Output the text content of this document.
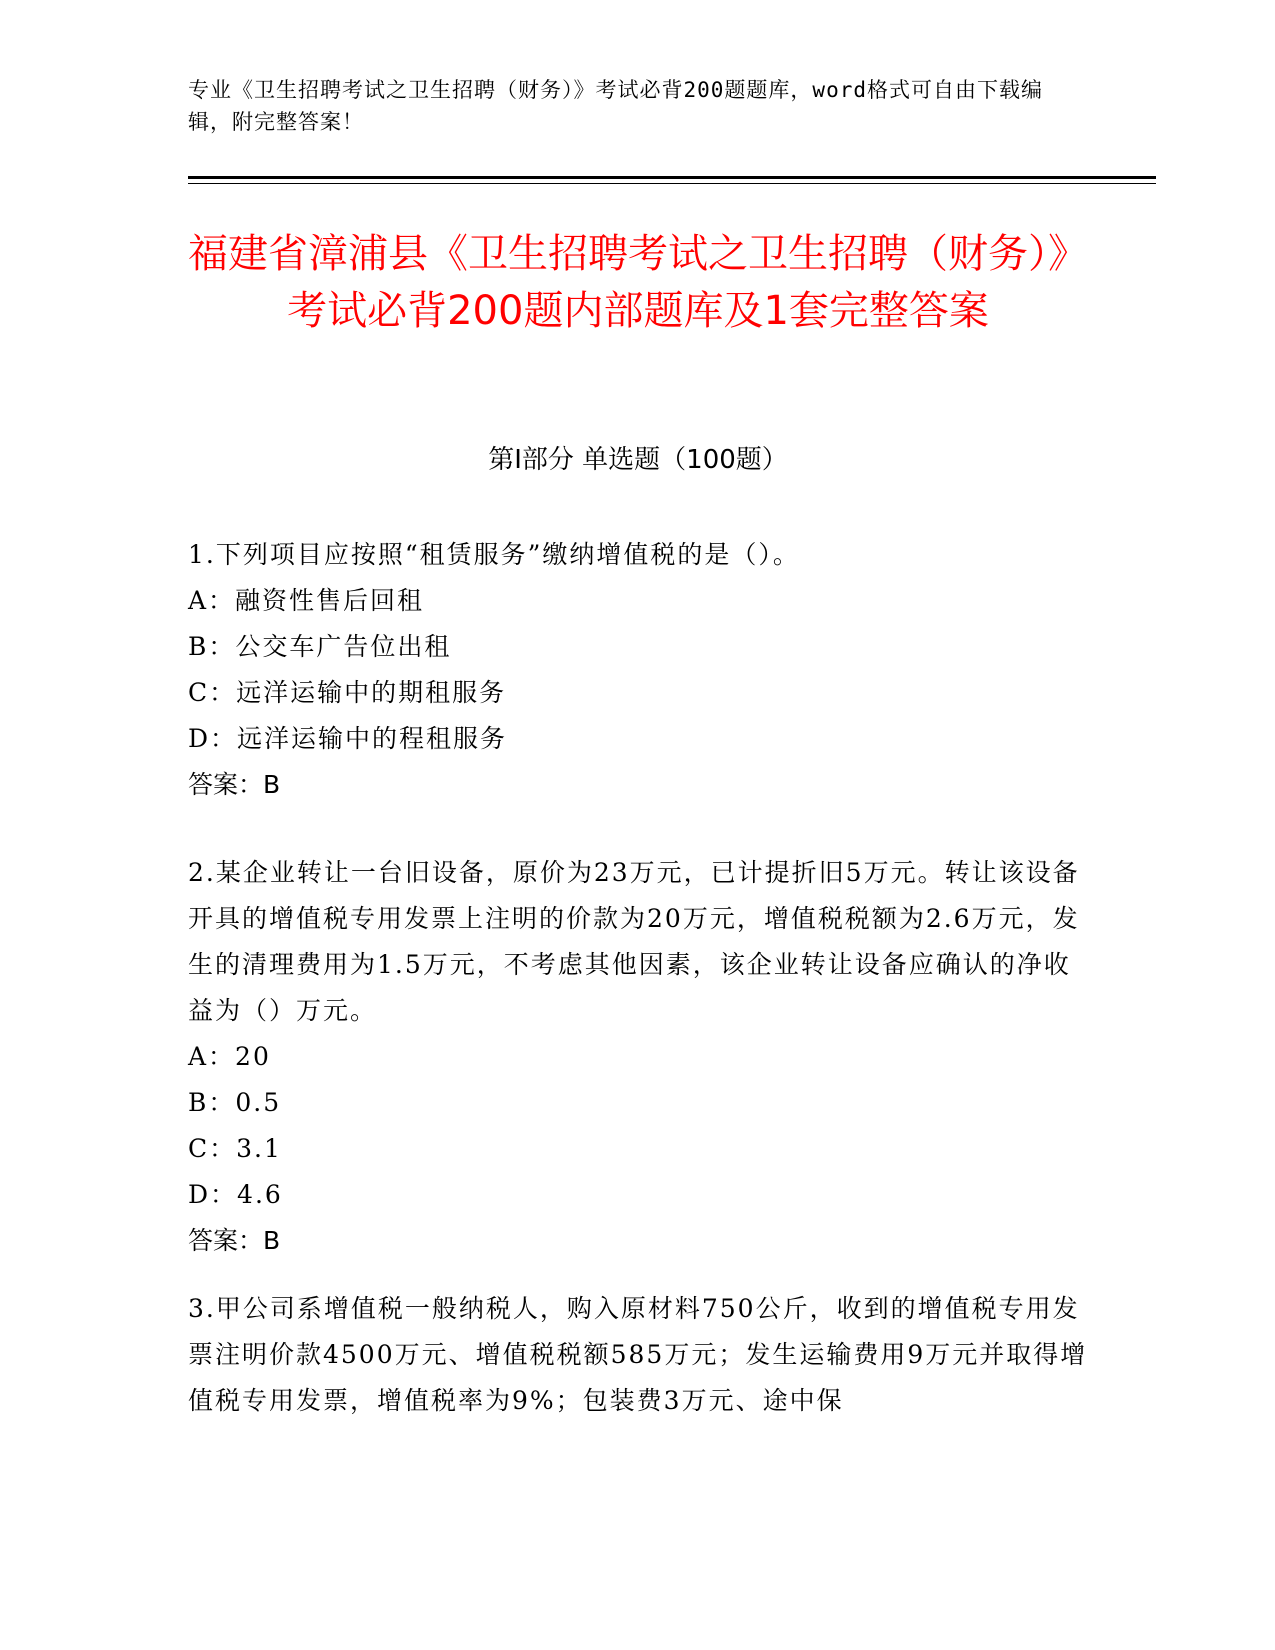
专业《卫生招聘考试之卫生招聘（财务）》考试必背200题题库，word格式可自由下载编辑，附完整答案！
福建省漳浦县《卫生招聘考试之卫生招聘（财务）》考试必背200题内部题库及1套完整答案
第Ⅰ部分 单选题（100题）
1.下列项目应按照“租赁服务”缴纳增值税的是（）。
A：融资性售后回租
B：公交车广告位出租
C：远洋运输中的期租服务
D：远洋运输中的程租服务
答案：B
2.某企业转让一台旧设备，原价为23万元，已计提折旧5万元。转让该设备开具的增值税专用发票上注明的价款为20万元，增值税税额为2.6万元，发生的清理费用为1.5万元，不考虑其他因素，该企业转让设备应确认的净收益为（）万元。
A：20
B：0.5
C：3.1
D：4.6
答案：B
3.甲公司系增值税一般纳税人，购入原材料750公斤，收到的增值税专用发票注明价款4500万元、增值税税额585万元；发生运输费用9万元并取得增值税专用发票，增值税率为9%；包装费3万元、途中保
